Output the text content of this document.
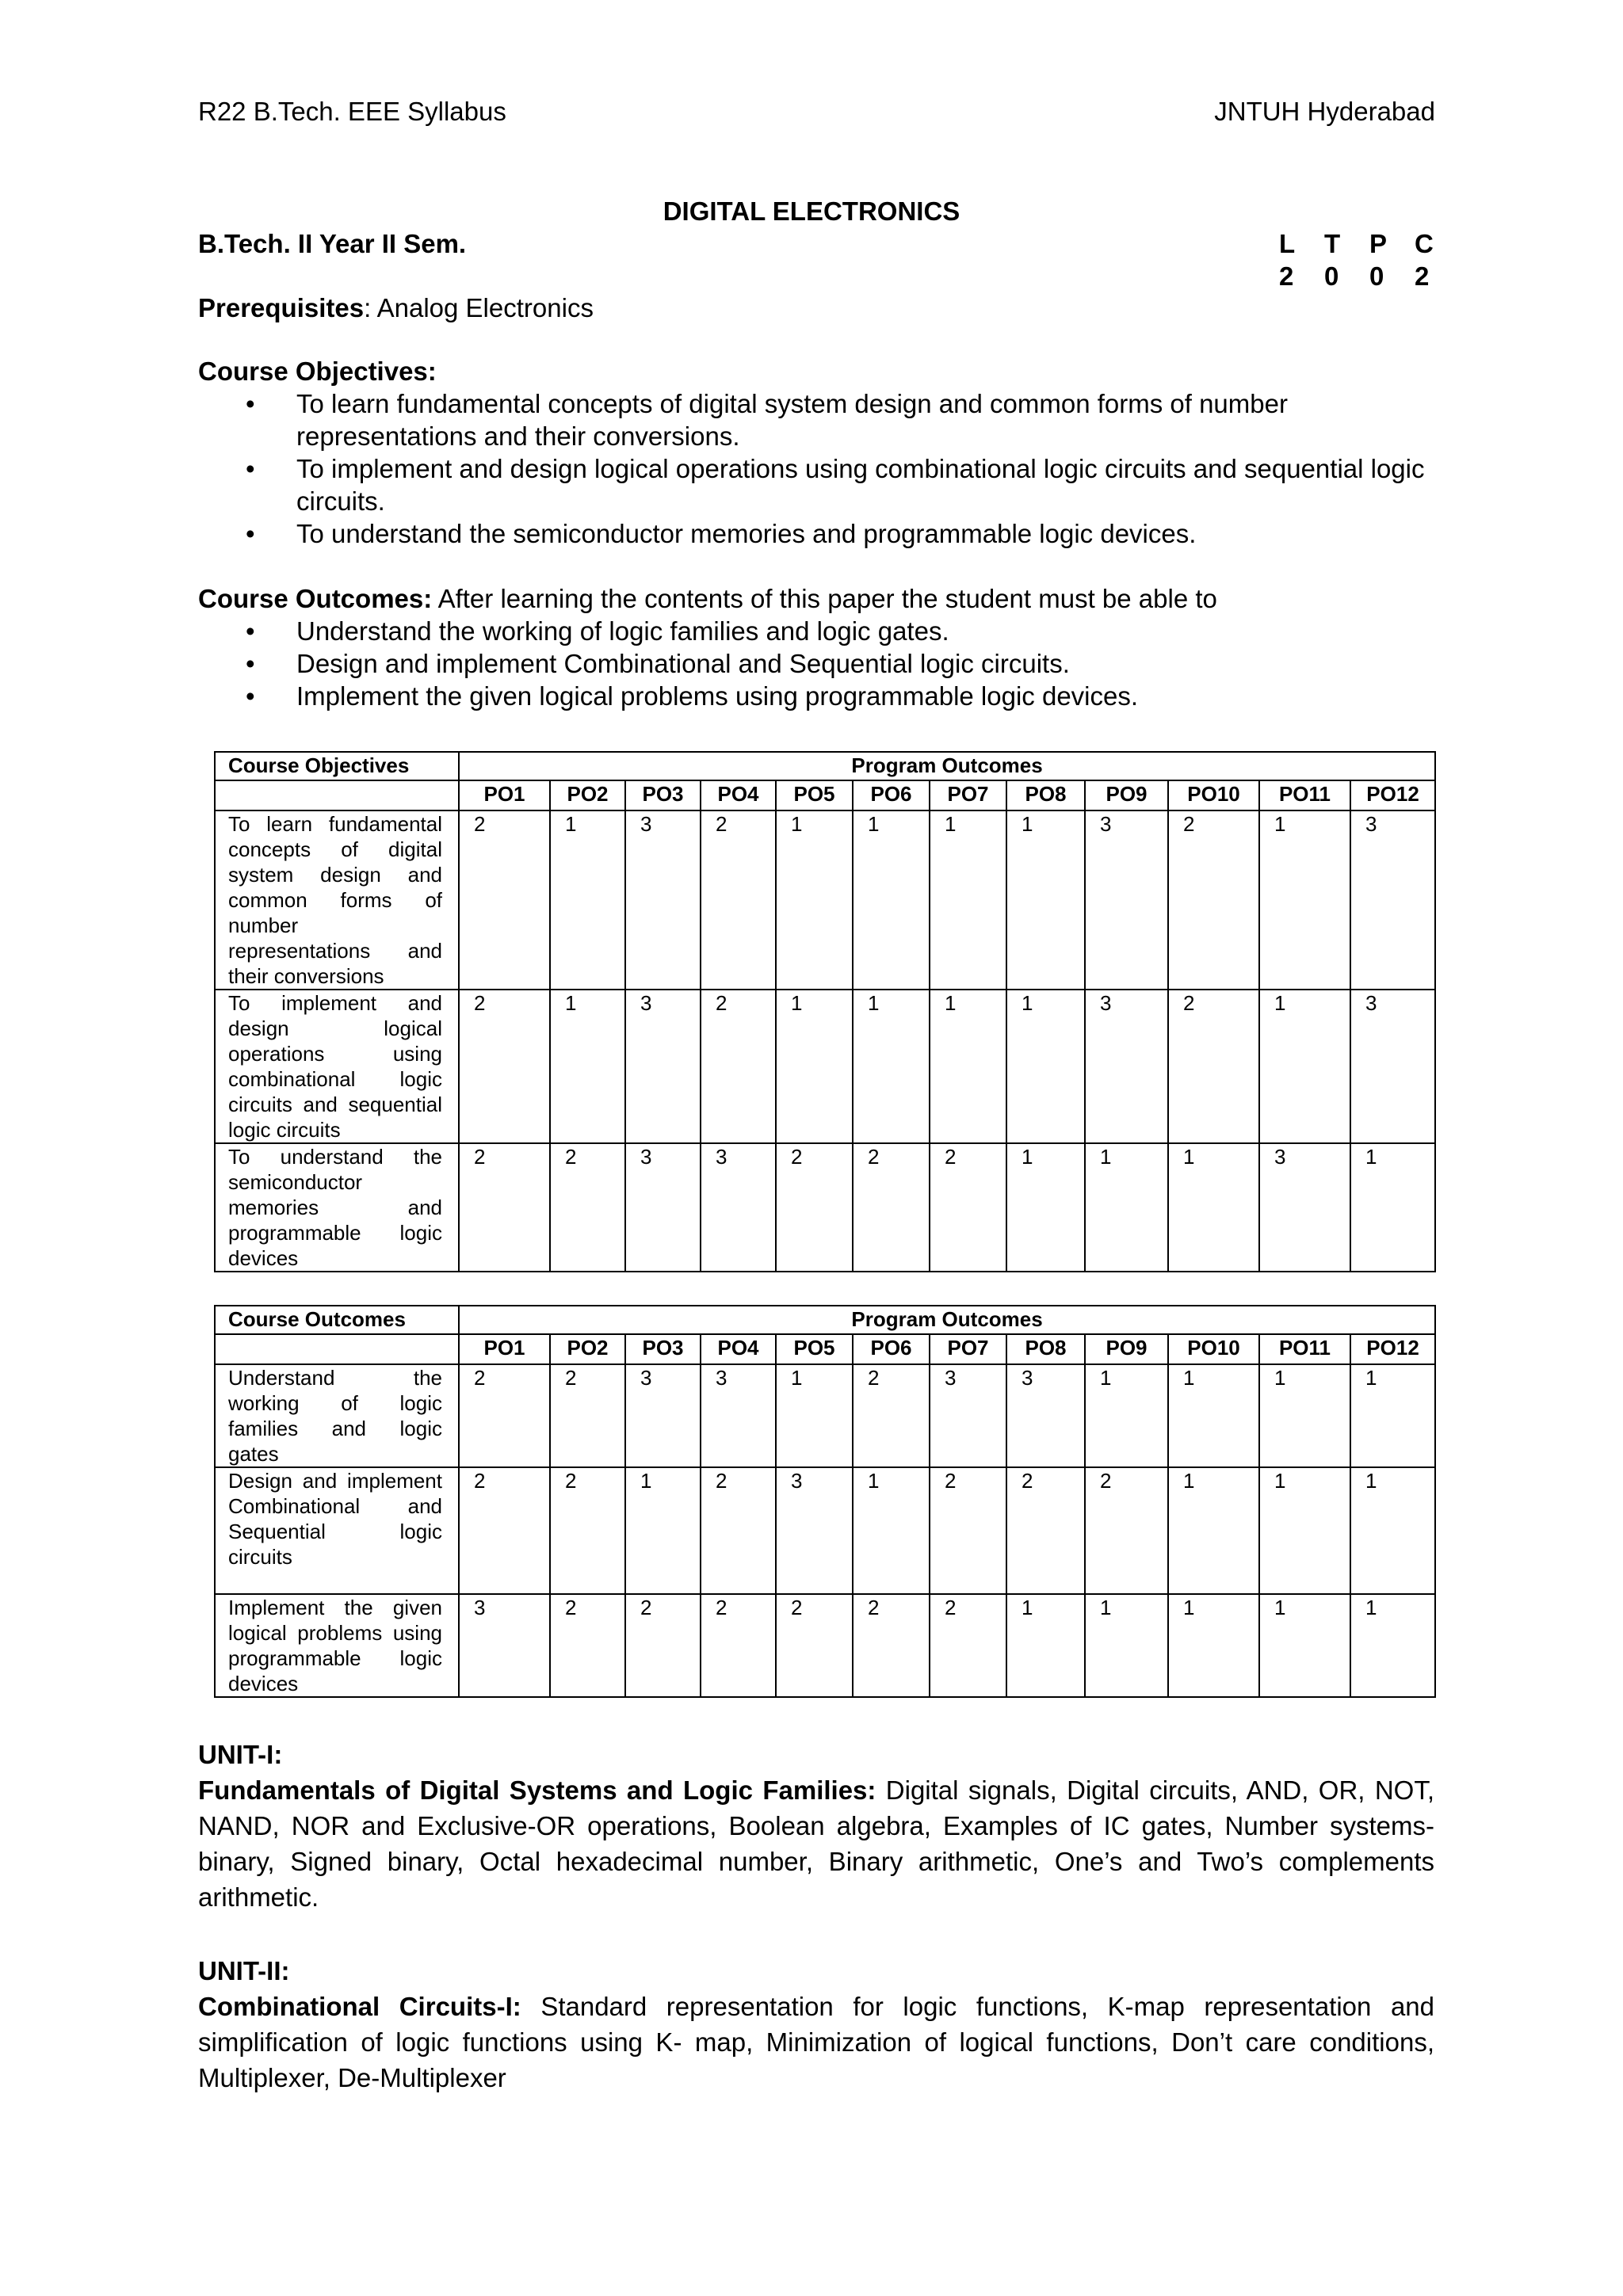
R22 B.Tech. EEE Syllabus	JNTUH Hyderabad
DIGITAL ELECTRONICS
B.Tech. II Year II Sem.	L	T	P	C
2	0	0	2
Prerequisites: Analog Electronics
Course Objectives:
• To learn fundamental concepts of digital system design and common forms of number representations and their conversions.
• To implement and design logical operations using combinational logic circuits and sequential logic circuits.
• To understand the semiconductor memories and programmable logic devices.
Course Outcomes: After learning the contents of this paper the student must be able to
• Understand the working of logic families and logic gates.
• Design and implement Combinational and Sequential logic circuits.
• Implement the given logical problems using programmable logic devices.
Course Objectives	Program Outcomes											
	PO1	PO2	PO3	PO4	PO5	PO6	PO7	PO8	PO9	PO10	PO11	PO12
To learn fundamental concepts of digital system design and common forms of number representations and their conversions	2	1	3	2	1	1	1	1	3	2	1	3
To implement and design logical operations using combinational logic circuits and sequential logic circuits	2	1	3	2	1	1	1	1	3	2	1	3
To understand the semiconductor memories and programmable logic devices	2	2	3	3	2	2	2	1	1	1	3	1
Course Outcomes	Program Outcomes											
	PO1	PO2	PO3	PO4	PO5	PO6	PO7	PO8	PO9	PO10	PO11	PO12
Understand the working of logic families and logic gates	2	2	3	3	1	2	3	3	1	1	1	1
Design and implement Combinational and Sequential logic circuits	2	2	1	2	3	1	2	2	2	1	1	1
Implement the given logical problems using programmable logic devices	3	2	2	2	2	2	2	1	1	1	1	1
UNIT-I:

Fundamentals of Digital Systems and Logic Families: Digital signals, Digital circuits, AND, OR, NOT, NAND, NOR and Exclusive-OR operations, Boolean algebra, Examples of IC gates, Number systems-binary, Signed binary, Octal hexadecimal number, Binary arithmetic, One’s and Two’s complements arithmetic.

UNIT-II:

Combinational Circuits-I: Standard representation for logic functions, K-map representation and simplification of logic functions using K- map, Minimization of logical functions, Don’t care conditions, Multiplexer, De-Multiplexer
